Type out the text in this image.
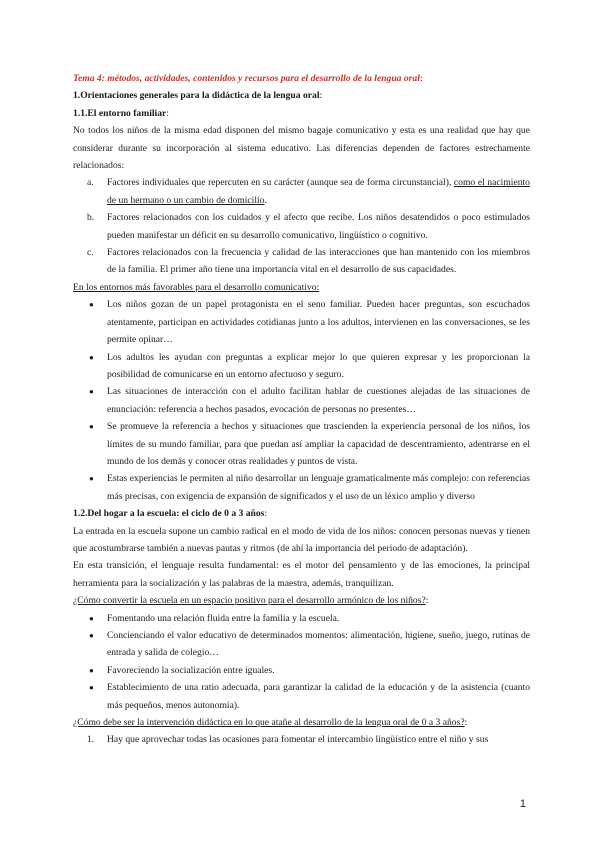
Tema 4: métodos, actividades, contenidos y recursos para el desarrollo de la lengua oral:

1.Orientaciones generales para la didáctica de la lengua oral:

1.1.El entorno familiar:

No todos los niños de la misma edad disponen del mismo bagaje comunicativo y esta es una realidad que hay que considerar durante su incorporación al sistema educativo. Las diferencias dependen de factores estrechamente relacionados:

a. Factores individuales que repercuten en su carácter (aunque sea de forma circunstancial), como el nacimiento de un hermano o un cambio de domicilio.
b. Factores relacionados con los cuidados y el afecto que recibe. Los niños desatendidos o poco estimulados pueden manifestar un déficit en su desarrollo comunicativo, lingüístico o cognitivo.
c. Factores relacionados con la frecuencia y calidad de las interacciones que han mantenido con los miembros de la familia. El primer año tiene una importancia vital en el desarrollo de sus capacidades.

En los entornos más favorables para el desarrollo comunicativo:

● Los niños gozan de un papel protagonista en el seno familiar. Pueden hacer preguntas, son escuchados atentamente, participan en actividades cotidianas junto a los adultos, intervienen en las conversaciones, se les permite opinar…
● Los adultos les ayudan con preguntas a explicar mejor lo que quieren expresar y les proporcionan la posibilidad de comunicarse en un entorno afectuoso y seguro.
● Las situaciones de interacción con el adulto facilitan hablar de cuestiones alejadas de las situaciones de enunciación: referencia a hechos pasados, evocación de personas no presentes…
● Se promueve la referencia a hechos y situaciones que trascienden la experiencia personal de los niños, los límites de su mundo familiar, para que puedan así ampliar la capacidad de descentramiento, adentrarse en el mundo de los demás y conocer otras realidades y puntos de vista.
● Estas experiencias le permiten al niño desarrollar un lenguaje gramaticalmente más complejo: con referencias más precisas, con exigencia de expansión de significados y el uso de un léxico amplio y diverso

1.2.Del hogar a la escuela: el ciclo de 0 a 3 años:

La entrada en la escuela supone un cambio radical en el modo de vida de los niños: conocen personas nuevas y tienen que acostumbrarse también a nuevas pautas y ritmos (de ahí la importancia del periodo de adaptación).

En esta transición, el lenguaje resulta fundamental: es el motor del pensamiento y de las emociones, la principal herramienta para la socialización y las palabras de la maestra, además, tranquilizan.

¿Cómo convertir la escuela en un espacio positivo para el desarrollo armónico de los niños?:

● Fomentando una relación fluida entre la familia y la escuela.
● Concienciando el valor educativo de determinados momentos: alimentación, higiene, sueño, juego, rutinas de entrada y salida de colegio…
● Favoreciendo la socialización entre iguales.
● Establecimiento de una ratio adecuada, para garantizar la calidad de la educación y de la asistencia (cuanto más pequeños, menos autonomía).

¿Cómo debe ser la intervención didáctica en lo que atañe al desarrollo de la lengua oral de 0 a 3 años?:

1. Hay que aprovechar todas las ocasiones para fomentar el intercambio lingüístico entre el niño y sus
1
